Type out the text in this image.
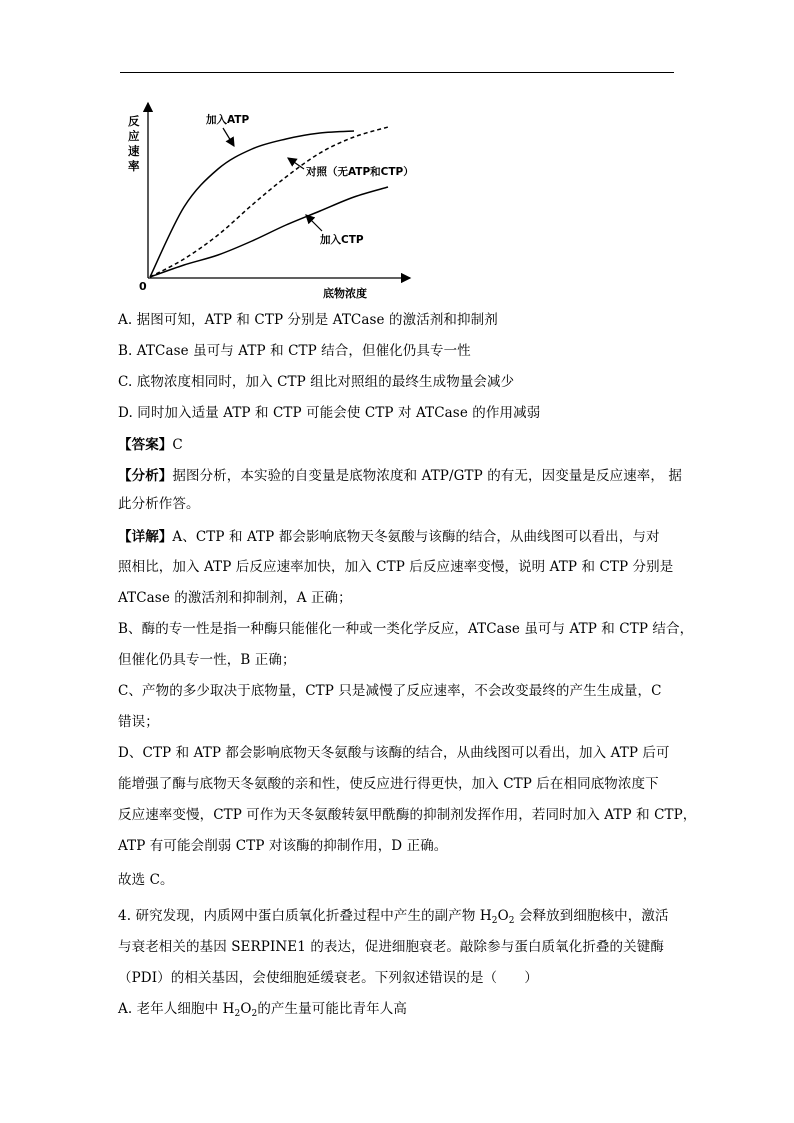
反 应 速 率
0
底物浓度
加入ATP
对照（无ATP和CTP）
加入CTP
A. 据图可知，ATP 和 CTP 分别是 ATCase 的激活剂和抑制剂
B. ATCase 虽可与 ATP 和 CTP 结合，但催化仍具专一性
C. 底物浓度相同时，加入 CTP 组比对照组的最终生成物量会减少
D. 同时加入适量 ATP 和 CTP 可能会使 CTP 对 ATCase 的作用减弱
【答案】C
【分析】据图分析，本实验的自变量是底物浓度和 ATP/GTP 的有无，因变量是反应速率， 据
此分析作答。
【详解】A、CTP 和 ATP 都会影响底物天冬氨酸与该酶的结合，从曲线图可以看出，与对
照相比，加入 ATP 后反应速率加快，加入 CTP 后反应速率变慢，说明 ATP 和 CTP 分别是
ATCase 的激活剂和抑制剂，A 正确；
B、酶的专一性是指一种酶只能催化一种或一类化学反应，ATCase 虽可与 ATP 和 CTP 结合，
但催化仍具专一性，B 正确；
C、产物的多少取决于底物量，CTP 只是减慢了反应速率，不会改变最终的产生生成量，C
错误；
D、CTP 和 ATP 都会影响底物天冬氨酸与该酶的结合，从曲线图可以看出，加入 ATP 后可
能增强了酶与底物天冬氨酸的亲和性，使反应进行得更快，加入 CTP 后在相同底物浓度下
反应速率变慢，CTP 可作为天冬氨酸转氨甲酰酶的抑制剂发挥作用，若同时加入 ATP 和 CTP，
ATP 有可能会削弱 CTP 对该酶的抑制作用，D 正确。
故选 C。
4. 研究发现，内质网中蛋白质氧化折叠过程中产生的副产物 $H_2O_2$ 会释放到细胞核中，激活
与衰老相关的基因 SERPINE1 的表达，促进细胞衰老。敲除参与蛋白质氧化折叠的关键酶
（PDI）的相关基因，会使细胞延缓衰老。下列叙述错误的是（　　）
A. 老年人细胞中 $H_2O_2$的产生量可能比青年人高
